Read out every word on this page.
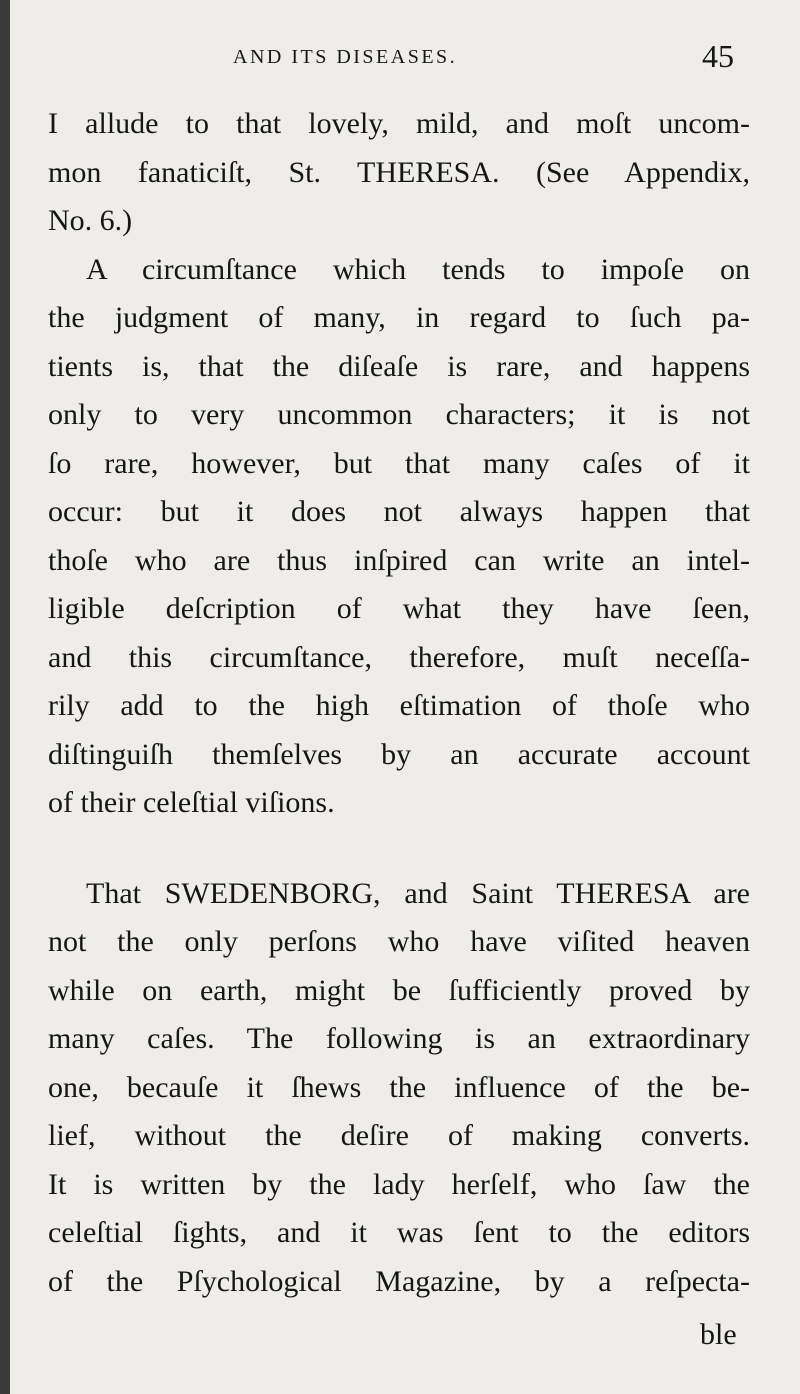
AND ITS DISEASES.	45
I allude to that lovely, mild, and moſt uncom-
mon fanaticiſt, St. THERESA. (See Appendix,
No. 6.)
A circumſtance which tends to impoſe on
the judgment of many, in regard to ſuch pa-
tients is, that the diſeaſe is rare, and happens
only to very uncommon characters; it is not
ſo rare, however, but that many caſes of it
occur: but it does not always happen that
thoſe who are thus inſpired can write an intel-
ligible deſcription of what they have ſeen,
and this circumſtance, therefore, muſt neceſſa-
rily add to the high eſtimation of thoſe who
diſtinguiſh themſelves by an accurate account
of their celeſtial viſions.
That SWEDENBORG, and Saint THERESA are
not the only perſons who have viſited heaven
while on earth, might be ſufficiently proved by
many caſes. The following is an extraordinary
one, becauſe it ſhews the influence of the be-
lief, without the deſire of making converts.
It is written by the lady herſelf, who ſaw the
celeſtial ſights, and it was ſent to the editors
of the Pſychological Magazine, by a reſpecta-
ble
